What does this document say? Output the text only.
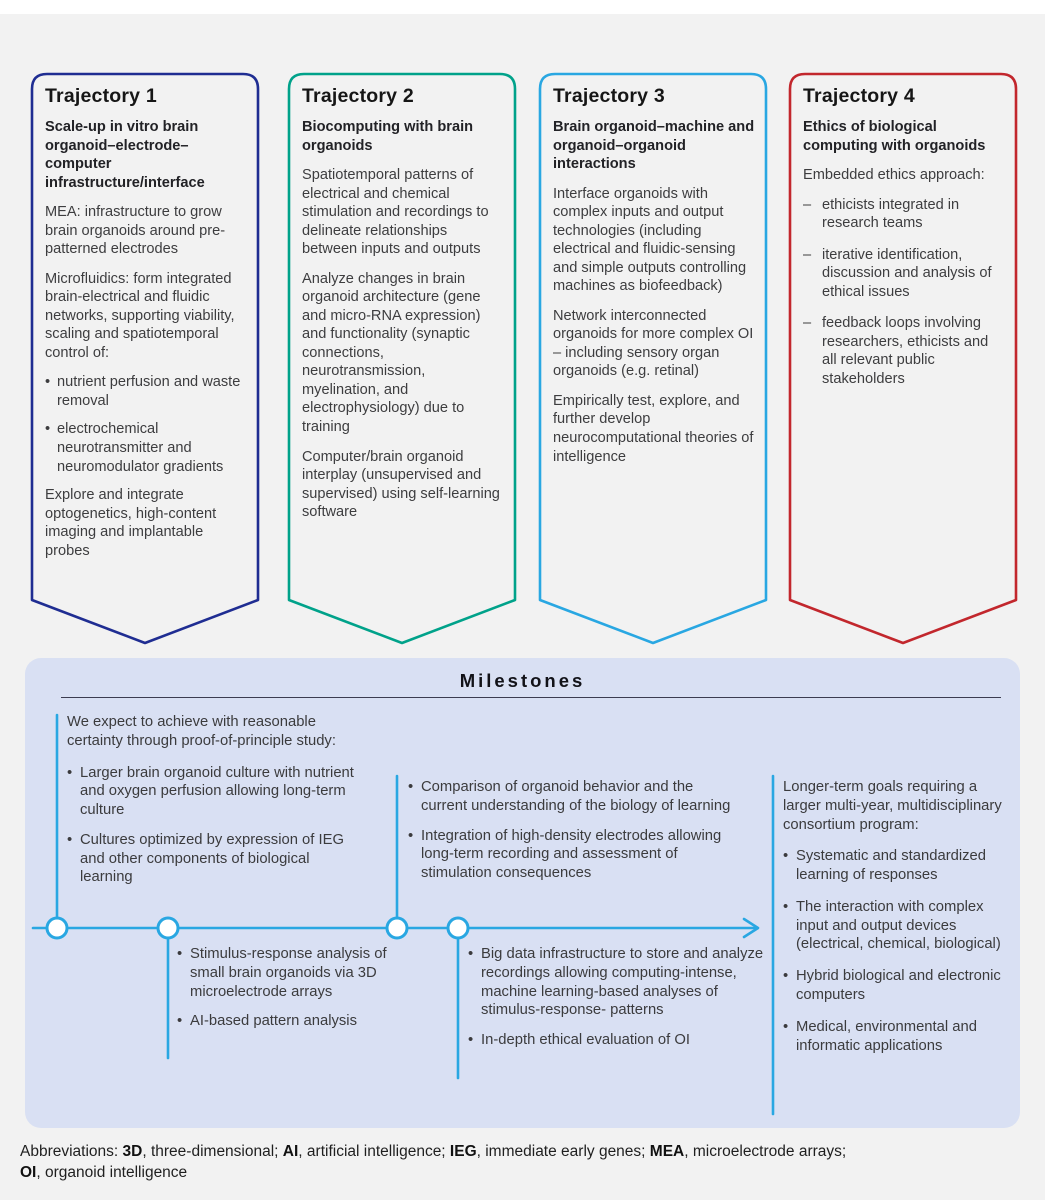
Trajectory 1
Scale-up in vitro brain organoid–electrode–computer infrastructure/interface

MEA: infrastructure to grow brain organoids around pre-patterned electrodes

Microfluidics: form integrated brain-electrical and fluidic networks, supporting viability, scaling and spatiotemporal control of:

• nutrient perfusion and waste removal
• electrochemical neurotransmitter and neuromodulator gradients

Explore and integrate optogenetics, high-content imaging and implantable probes

Trajectory 2
Biocomputing with brain organoids

Spatiotemporal patterns of electrical and chemical stimulation and recordings to delineate relationships between inputs and outputs

Analyze changes in brain organoid architecture (gene and micro-RNA expression) and functionality (synaptic connections, neurotransmission, myelination, and electrophysiology) due to training

Computer/brain organoid interplay (unsupervised and supervised) using self-learning software

Trajectory 3
Brain organoid–machine and organoid–organoid interactions

Interface organoids with complex inputs and output technologies (including electrical and fluidic-sensing and simple outputs controlling machines as biofeedback)

Network interconnected organoids for more complex OI – including sensory organ organoids (e.g. retinal)

Empirically test, explore, and further develop neurocomputational theories of intelligence

Trajectory 4
Ethics of biological computing with organoids

Embedded ethics approach:

– ethicists integrated in research teams
– iterative identification, discussion and analysis of ethical issues
– feedback loops involving researchers, ethicists and all relevant public stakeholders
Milestones

We expect to achieve with reasonable certainty through proof-of-principle study:

• Larger brain organoid culture with nutrient and oxygen perfusion allowing long-term culture
• Cultures optimized by expression of IEG and other components of biological learning
• Comparison of organoid behavior and the current understanding of the biology of learning
• Integration of high-density electrodes allowing long-term recording and assessment of stimulation consequences

Longer-term goals requiring a larger multi-year, multidisciplinary consortium program:

• Systematic and standardized learning of responses
• The interaction with complex input and output devices (electrical, chemical, biological)
• Hybrid biological and electronic computers
• Medical, environmental and informatic applications
• Stimulus-response analysis of small brain organoids via 3D microelectrode arrays
• AI-based pattern analysis
• Big data infrastructure to store and analyze recordings allowing computing-intense, machine learning-based analyses of stimulus-response- patterns
• In-depth ethical evaluation of OI
Abbreviations: 3D, three-dimensional; AI, artificial intelligence; IEG, immediate early genes; MEA, microelectrode arrays;
OI, organoid intelligence
